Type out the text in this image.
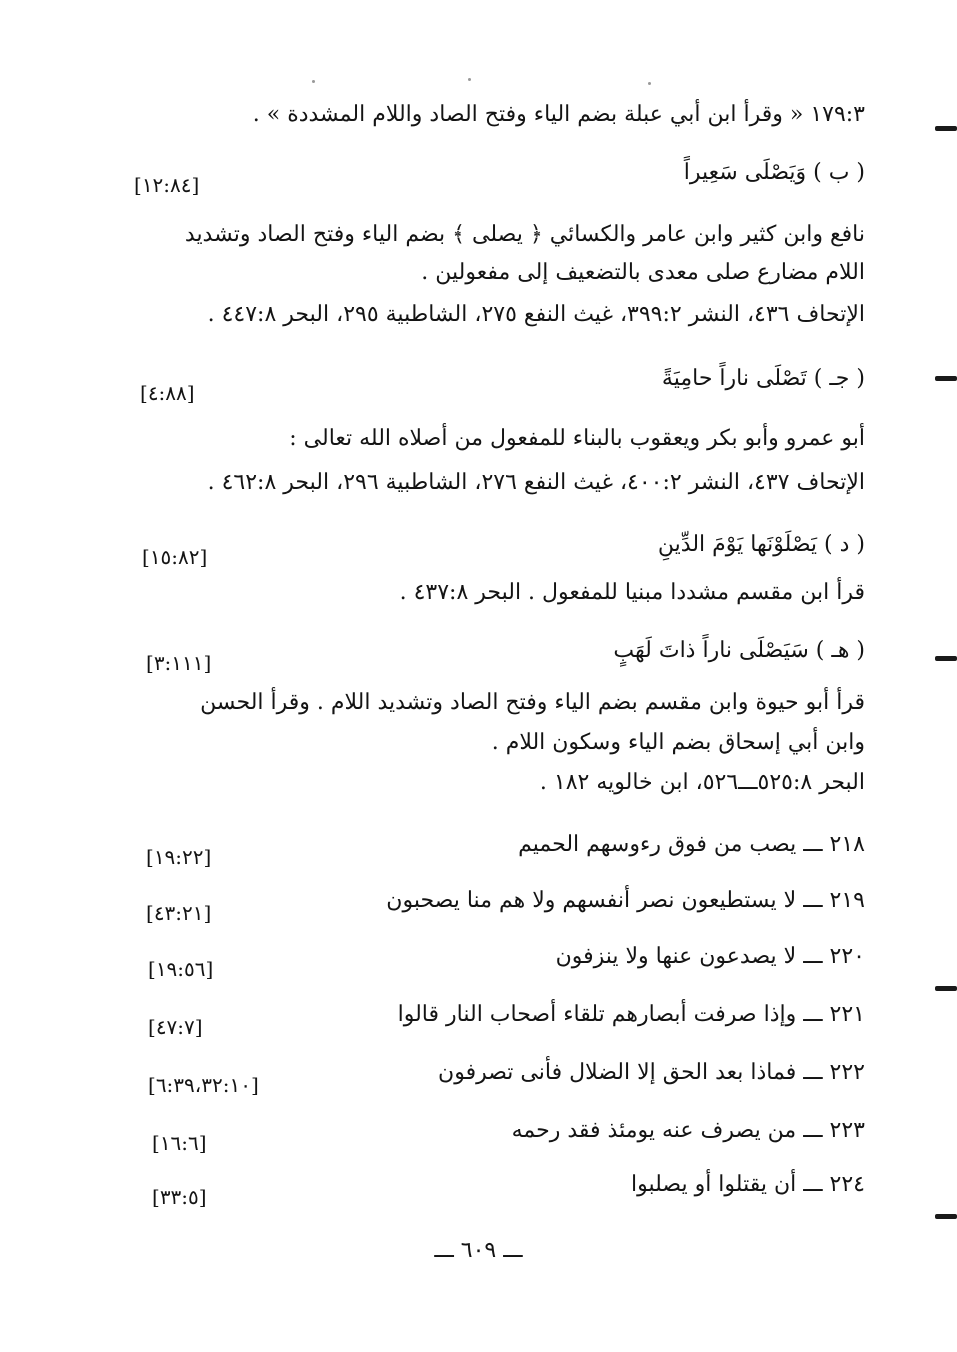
١٧٩:٣ « وقرأ ابن أبي عبلة بضم الياء وفتح الصاد واللام المشددة » .
( ب ) وَيَصْلَى سَعِيراً
[١٢:٨٤]
نافع وابن كثير وابن عامر والكسائي ﴿ يصلى ﴾ بضم الياء وفتح الصاد وتشديد
اللام مضارع صلى معدى بالتضعيف إلى مفعولين .
الإتحاف ٤٣٦، النشر ٣٩٩:٢، غيث النفع ٢٧٥، الشاطبية ٢٩٥، البحر ٤٤٧:٨ .
( جـ ) تَصْلَى ناراً حامِيَةً
[٤:٨٨]
أبو عمرو وأبو بكر ويعقوب بالبناء للمفعول من أصلاه الله تعالى :
الإتحاف ٤٣٧، النشر ٤٠٠:٢، غيث النفع ٢٧٦، الشاطبية ٢٩٦، البحر ٤٦٢:٨ .
( د ) يَصْلَوْنَها يَوْمَ الدِّينِ
[١٥:٨٢]
قرأ ابن مقسم مشددا مبنيا للمفعول . البحر ٤٣٧:٨ .
( هـ ) سَيَصْلَى ناراً ذاتَ لَهَبٍ
[٣:١١١]
قرأ أبو حيوة وابن مقسم بضم الياء وفتح الصاد وتشديد اللام . وقرأ الحسن
وابن أبي إسحاق بضم الياء وسكون اللام .
البحر ٥٢٥:٨ـــ٥٢٦، ابن خالويه ١٨٢ .
٢١٨ ـــ يصب من فوق رءوسهم الحميم
[١٩:٢٢]
٢١٩ ـــ لا يستطيعون نصر أنفسهم ولا هم منا يصحبون
[٤٣:٢١]
٢٢٠ ـــ لا يصدعون عنها ولا ينزفون
[١٩:٥٦]
٢٢١ ـــ وإذا صرفت أبصارهم تلقاء أصحاب النار قالوا
[٤٧:٧]
٢٢٢ ـــ فماذا بعد الحق إلا الضلال فأنى تصرفون
[٦:٣٩،٣٢:١٠]
٢٢٣ ـــ من يصرف عنه يومئذ فقد رحمه
[١٦:٦]
٢٢٤ ـــ أن يقتلوا أو يصلبوا
[٣٣:٥]
ـــ ٦٠٩ ـــ
